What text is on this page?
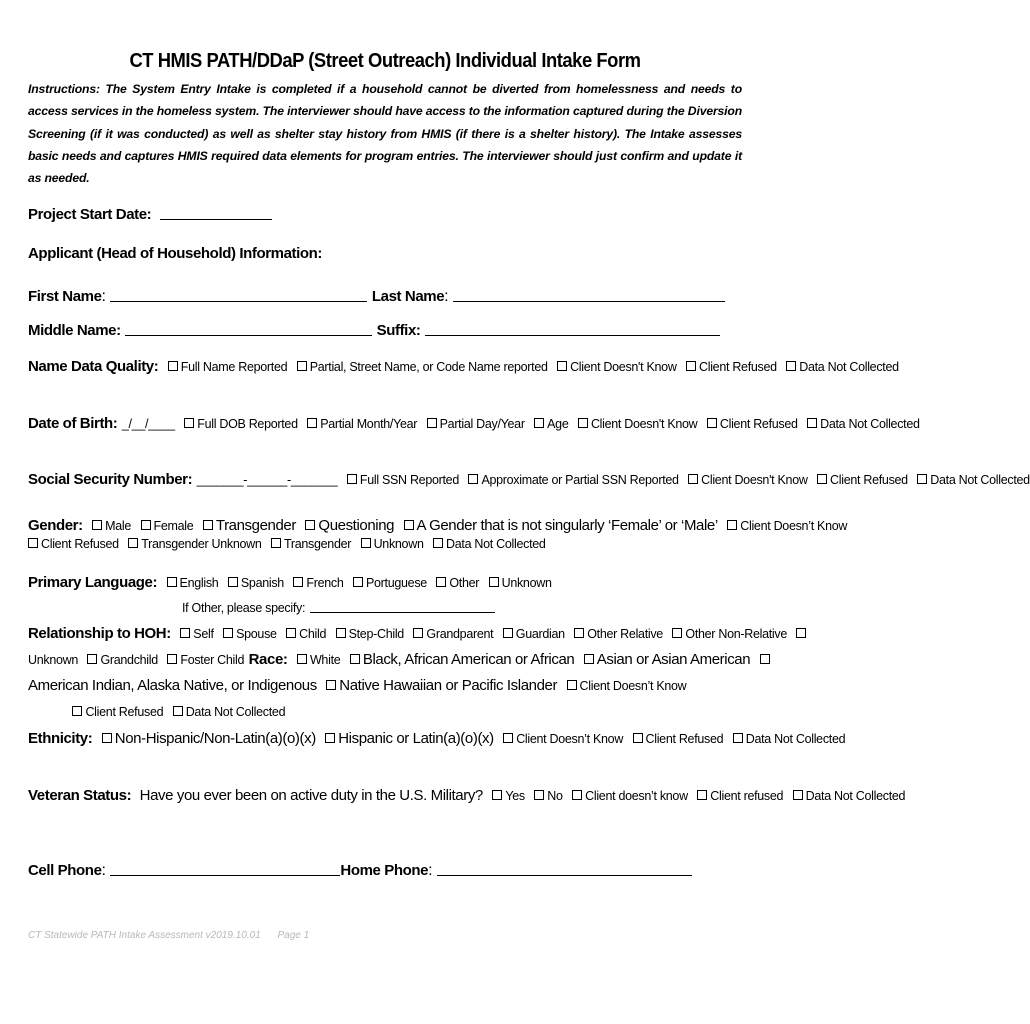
CT HMIS PATH/DDaP (Street Outreach) Individual Intake Form
Instructions: The System Entry Intake is completed if a household cannot be diverted from homelessness and needs to access services in the homeless system. The interviewer should have access to the information captured during the Diversion Screening (if it was conducted) as well as shelter stay history from HMIS (if there is a shelter history). The Intake assesses basic needs and captures HMIS required data elements for program entries. The interviewer should just confirm and update it as needed.
Project Start Date:
Applicant (Head of Household) Information:
First Name:	Last Name:
Middle Name:	Suffix:
Name Data Quality: Full Name Reported Partial, Street Name, or Code Name reported Client Doesn't Know Client Refused Data Not Collected
Date of Birth: _/__/____ Full DOB Reported Partial Month/Year Partial Day/Year Age Client Doesn't Know Client Refused Data Not Collected
Social Security Number: _______-______-_______ Full SSN Reported Approximate or Partial SSN Reported Client Doesn't Know Client Refused Data Not Collected
Gender: Male Female Transgender Questioning A Gender that is not singularly ‘Female’ or ‘Male’ Client Doesn’t Know
Client Refused Transgender Unknown Transgender Unknown Data Not Collected
Primary Language: English Spanish French Portuguese Other Unknown
If Other, please specify:
Relationship to HOH: Self Spouse Child Step-Child Grandparent Guardian Other Relative Other Non-Relative
Unknown Grandchild Foster Child Race: White Black, African American or African Asian or Asian American
American Indian, Alaska Native, or Indigenous Native Hawaiian or Pacific Islander Client Doesn’t Know
Client Refused Data Not Collected
Ethnicity: Non-Hispanic/Non-Latin(a)(o)(x) Hispanic or Latin(a)(o)(x) Client Doesn’t Know Client Refused Data Not Collected
Veteran Status: Have you ever been on active duty in the U.S. Military? Yes No Client doesn’t know Client refused Data Not Collected
Cell Phone:	Home Phone:
CT Statewide PATH Intake Assessment v2019.10.01 Page 1
